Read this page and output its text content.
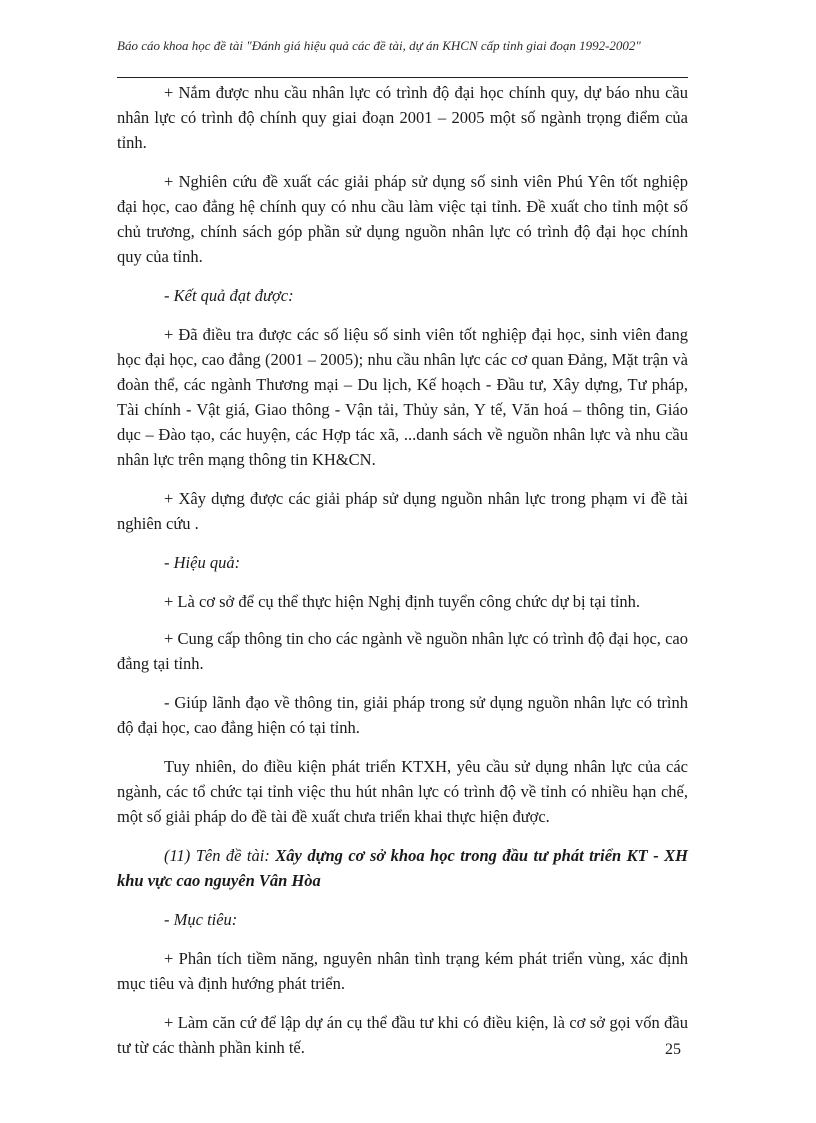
Báo cáo khoa học đề tài "Đánh giá hiệu quả các đề tài, dự án KHCN cấp tỉnh giai đoạn 1992-2002"

+ Nắm được nhu cầu nhân lực có trình độ đại học chính quy, dự báo nhu cầu nhân lực có trình độ chính quy giai đoạn 2001 – 2005 một số ngành trọng điểm của tỉnh.

+ Nghiên cứu đề xuất các giải pháp sử dụng số sinh viên Phú Yên tốt nghiệp đại học, cao đẳng hệ chính quy có nhu cầu làm việc tại tỉnh. Đề xuất cho tỉnh một số chủ trương, chính sách góp phần sử dụng nguồn nhân lực có trình độ đại học chính quy của tỉnh.

- Kết quả đạt được:

+ Đã điều tra được các số liệu số sinh viên tốt nghiệp đại học, sinh viên đang học đại học, cao đẳng (2001 – 2005); nhu cầu nhân lực các cơ quan Đảng, Mặt trận và đoàn thể, các ngành Thương mại – Du lịch, Kế hoạch - Đầu tư, Xây dựng, Tư pháp, Tài chính - Vật giá, Giao thông - Vận tải, Thủy sản, Y tế, Văn hoá – thông tin, Giáo dục – Đào tạo, các huyện, các Hợp tác xã, ...danh sách về nguồn nhân lực và nhu cầu nhân lực trên mạng thông tin KH&CN.

+ Xây dựng được các giải pháp sử dụng nguồn nhân lực trong phạm vi đề tài nghiên cứu .

- Hiệu quả:

+ Là cơ sở để cụ thể thực hiện Nghị định tuyển công chức dự bị tại tỉnh.

+ Cung cấp thông tin cho các ngành về nguồn nhân lực có trình độ đại học, cao đẳng tại tỉnh.

- Giúp lãnh đạo về thông tin, giải pháp trong sử dụng nguồn nhân lực có trình độ đại học, cao đẳng hiện có tại tỉnh.

Tuy nhiên, do điều kiện phát triển KTXH, yêu cầu sử dụng nhân lực của các ngành, các tổ chức tại tỉnh việc thu hút nhân lực có trình độ về tỉnh có nhiều hạn chế, một số giải pháp do đề tài đề xuất chưa triển khai thực hiện được.

(11) Tên đề tài: Xây dựng cơ sở khoa học trong đầu tư phát triển KT - XH khu vực cao nguyên Vân Hòa

- Mục tiêu:

+ Phân tích tiềm năng, nguyên nhân tình trạng kém phát triển vùng, xác định mục tiêu và định hướng phát triển.

+ Làm căn cứ để lập dự án cụ thể đầu tư khi có điều kiện, là cơ sở gọi vốn đầu tư từ các thành phần kinh tế.	25
